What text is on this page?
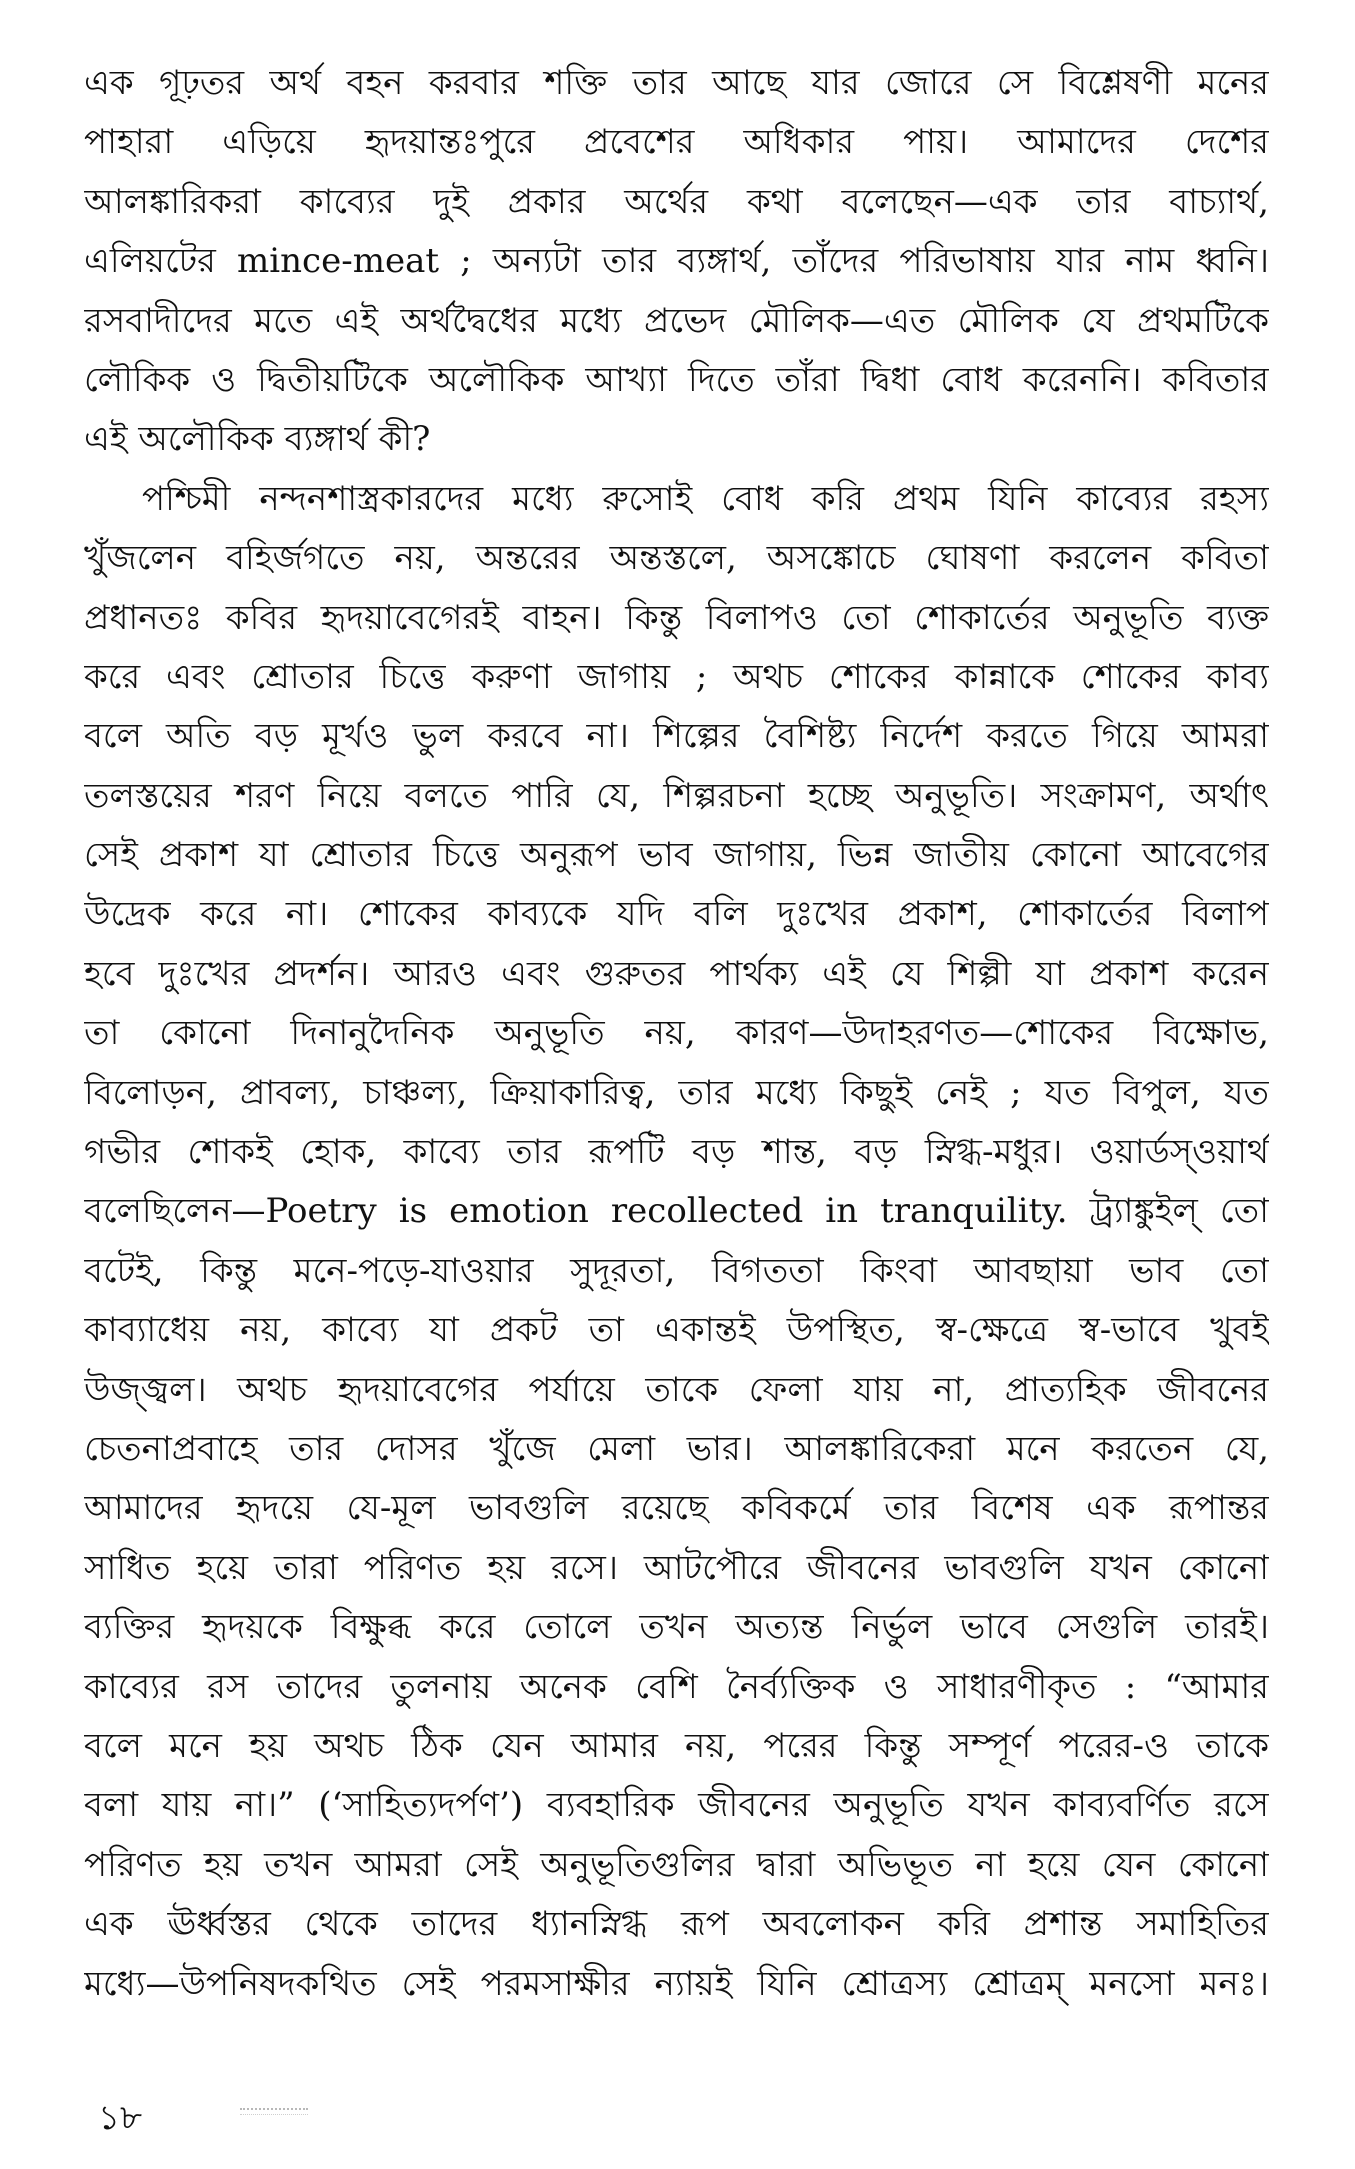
এক গূঢ়তর অর্থ বহন করবার শক্তি তার আছে যার জোরে সে বিশ্লেষণী মনের
পাহারা এড়িয়ে হৃদয়ান্তঃপুরে প্রবেশের অধিকার পায়। আমাদের দেশের
আলঙ্কারিকরা কাব্যের দুই প্রকার অর্থের কথা বলেছেন—এক তার বাচ্যার্থ,
এলিয়টের mince-meat ; অন্যটা তার ব্যঙ্গার্থ, তাঁদের পরিভাষায় যার নাম ধ্বনি।
রসবাদীদের মতে এই অর্থদ্বৈধের মধ্যে প্রভেদ মৌলিক—এত মৌলিক যে প্রথমটিকে
লৌকিক ও দ্বিতীয়টিকে অলৌকিক আখ্যা দিতে তাঁরা দ্বিধা বোধ করেননি। কবিতার
এই অলৌকিক ব্যঙ্গার্থ কী?
পশ্চিমী নন্দনশাস্ত্রকারদের মধ্যে রুসোই বোধ করি প্রথম যিনি কাব্যের রহস্য
খুঁজলেন বহির্জগতে নয়, অন্তরের অন্তস্তলে, অসঙ্কোচে ঘোষণা করলেন কবিতা
প্রধানতঃ কবির হৃদয়াবেগেরই বাহন। কিন্তু বিলাপও তো শোকার্তের অনুভূতি ব্যক্ত
করে এবং শ্রোতার চিত্তে করুণা জাগায় ; অথচ শোকের কান্নাকে শোকের কাব্য
বলে অতি বড় মূর্খও ভুল করবে না। শিল্পের বৈশিষ্ট্য নির্দেশ করতে গিয়ে আমরা
তলস্তয়ের শরণ নিয়ে বলতে পারি যে, শিল্পরচনা হচ্ছে অনুভূতি। সংক্রামণ, অর্থাৎ
সেই প্রকাশ যা শ্রোতার চিত্তে অনুরূপ ভাব জাগায়, ভিন্ন জাতীয় কোনো আবেগের
উদ্রেক করে না। শোকের কাব্যকে যদি বলি দুঃখের প্রকাশ, শোকার্তের বিলাপ
হবে দুঃখের প্রদর্শন। আরও এবং গুরুতর পার্থক্য এই যে শিল্পী যা প্রকাশ করেন
তা কোনো দিনানুদৈনিক অনুভূতি নয়, কারণ—উদাহরণত—শোকের বিক্ষোভ,
বিলোড়ন, প্রাবল্য, চাঞ্চল্য, ক্রিয়াকারিত্ব, তার মধ্যে কিছুই নেই ; যত বিপুল, যত
গভীর শোকই হোক, কাব্যে তার রূপটি বড় শান্ত, বড় স্নিগ্ধ-মধুর। ওয়ার্ডস্‌ওয়ার্থ
বলেছিলেন—Poetry is emotion recollected in tranquility. ট্র্যাঙ্কুইল্‌ তো
বটেই, কিন্তু মনে-পড়ে-যাওয়ার সুদূরতা, বিগততা কিংবা আবছায়া ভাব তো
কাব্যাধেয় নয়, কাব্যে যা প্রকট তা একান্তই উপস্থিত, স্ব-ক্ষেত্রে স্ব-ভাবে খুবই
উজ্জ্বল। অথচ হৃদয়াবেগের পর্যায়ে তাকে ফেলা যায় না, প্রাত্যহিক জীবনের
চেতনাপ্রবাহে তার দোসর খুঁজে মেলা ভার। আলঙ্কারিকেরা মনে করতেন যে,
আমাদের হৃদয়ে যে-মূল ভাবগুলি রয়েছে কবিকর্মে তার বিশেষ এক রূপান্তর
সাধিত হয়ে তারা পরিণত হয় রসে। আটপৌরে জীবনের ভাবগুলি যখন কোনো
ব্যক্তির হৃদয়কে বিক্ষুব্ধ করে তোলে তখন অত্যন্ত নির্ভুল ভাবে সেগুলি তারই।
কাব্যের রস তাদের তুলনায় অনেক বেশি নৈর্ব্যক্তিক ও সাধারণীকৃত : “আমার
বলে মনে হয় অথচ ঠিক যেন আমার নয়, পরের কিন্তু সম্পূর্ণ পরের-ও তাকে
বলা যায় না।” (‘সাহিত্যদর্পণ’) ব্যবহারিক জীবনের অনুভূতি যখন কাব্যবর্ণিত রসে
পরিণত হয় তখন আমরা সেই অনুভূতিগুলির দ্বারা অভিভূত না হয়ে যেন কোনো
এক ঊর্ধ্বস্তর থেকে তাদের ধ্যানস্নিগ্ধ রূপ অবলোকন করি প্রশান্ত সমাহিতির
মধ্যে—উপনিষদকথিত সেই পরমসাক্ষীর ন্যায়ই যিনি শ্রোত্রস্য শ্রোত্রম্‌ মনসো মনঃ।
১৮
